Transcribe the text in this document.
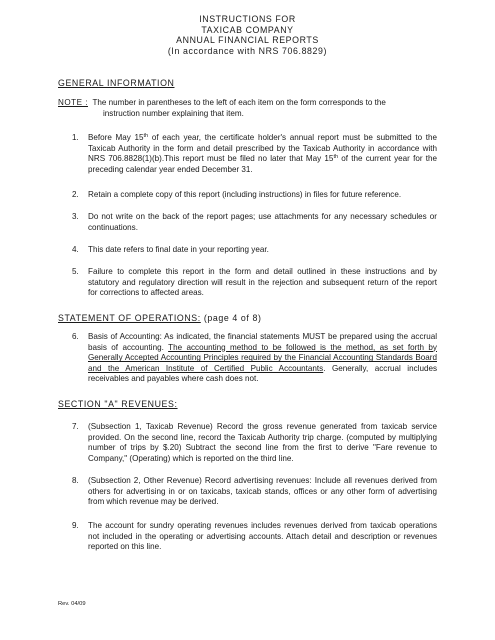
INSTRUCTIONS FOR
TAXICAB COMPANY
ANNUAL FINANCIAL REPORTS
(In accordance with NRS 706.8829)
GENERAL INFORMATION
NOTE : The number in parentheses to the left of each item on the form corresponds to the
instruction number explaining that item.
1. Before May 15th of each year, the certificate holder's annual report must be submitted to the Taxicab Authority in the form and detail prescribed by the Taxicab Authority in accordance with NRS 706.8828(1)(b).This report must be filed no later that May 15th of the current year for the preceding calendar year ended December 31.
2. Retain a complete copy of this report (including instructions) in files for future reference.
3. Do not write on the back of the report pages; use attachments for any necessary schedules or continuations.
4. This date refers to final date in your reporting year.
5. Failure to complete this report in the form and detail outlined in these instructions and by statutory and regulatory direction will result in the rejection and subsequent return of the report for corrections to affected areas.
STATEMENT OF OPERATIONS: (page 4 of 8)
6. Basis of Accounting: As indicated, the financial statements MUST be prepared using the accrual basis of accounting. The accounting method to be followed is the method, as set forth by Generally Accepted Accounting Principles required by the Financial Accounting Standards Board and the American Institute of Certified Public Accountants. Generally, accrual includes receivables and payables where cash does not.
SECTION "A" REVENUES:
7. (Subsection 1, Taxicab Revenue) Record the gross revenue generated from taxicab service provided. On the second line, record the Taxicab Authority trip charge. (computed by multiplying number of trips by $.20) Subtract the second line from the first to derive "Fare revenue to Company," (Operating) which is reported on the third line.
8. (Subsection 2, Other Revenue) Record advertising revenues: Include all revenues derived from others for advertising in or on taxicabs, taxicab stands, offices or any other form of advertising from which revenue may be derived.
9. The account for sundry operating revenues includes revenues derived from taxicab operations not included in the operating or advertising accounts. Attach detail and description or revenues reported on this line.
Rev. 04/09
